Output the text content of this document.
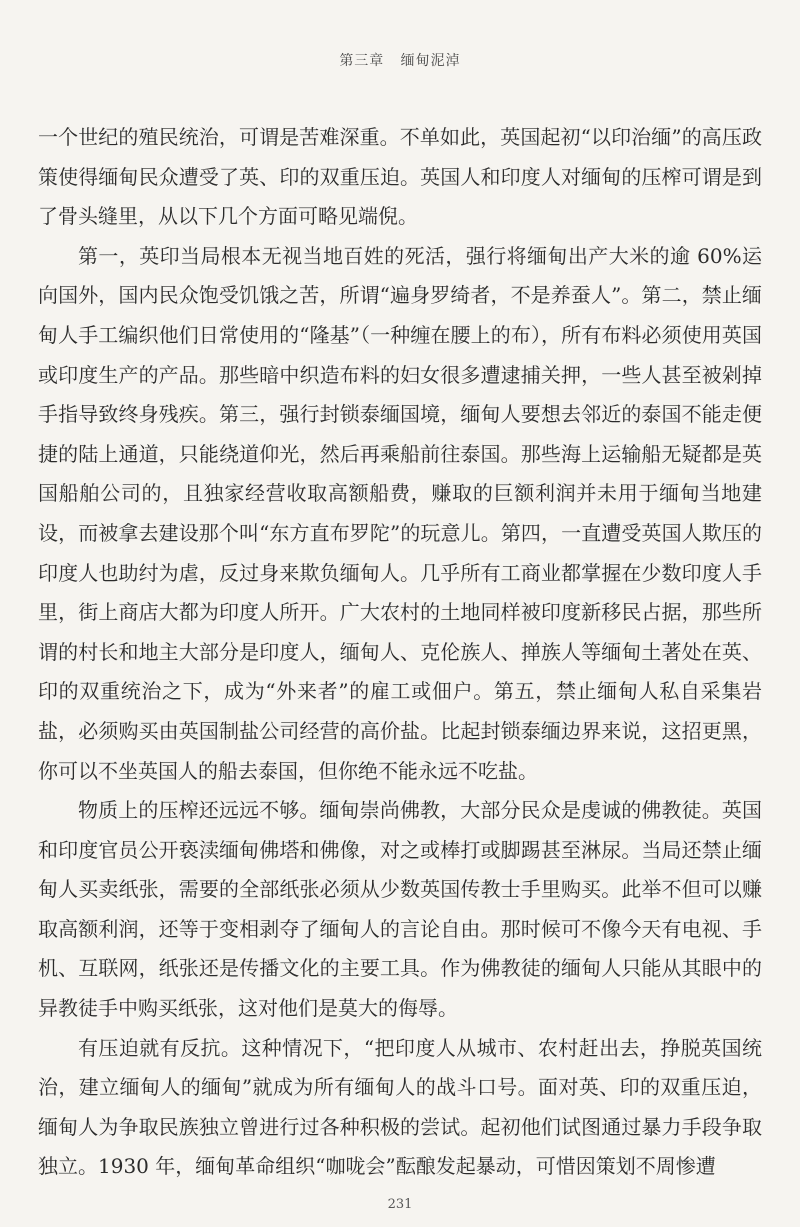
第三章 缅甸泥淖

一个世纪的殖民统治，可谓是苦难深重。不单如此，英国起初“以印治缅”的高压政策使得缅甸民众遭受了英、印的双重压迫。英国人和印度人对缅甸的压榨可谓是到了骨头缝里，从以下几个方面可略见端倪。

第一，英印当局根本无视当地百姓的死活，强行将缅甸出产大米的逾 60%运向国外，国内民众饱受饥饿之苦，所谓“遍身罗绮者，不是养蚕人”。第二，禁止缅甸人手工编织他们日常使用的“隆基”（一种缠在腰上的布），所有布料必须使用英国或印度生产的产品。那些暗中织造布料的妇女很多遭逮捕关押，一些人甚至被剁掉手指导致终身残疾。第三，强行封锁泰缅国境，缅甸人要想去邻近的泰国不能走便捷的陆上通道，只能绕道仰光，然后再乘船前往泰国。那些海上运输船无疑都是英国船舶公司的，且独家经营收取高额船费，赚取的巨额利润并未用于缅甸当地建设，而被拿去建设那个叫“东方直布罗陀”的玩意儿。第四，一直遭受英国人欺压的印度人也助纣为虐，反过身来欺负缅甸人。几乎所有工商业都掌握在少数印度人手里，街上商店大都为印度人所开。广大农村的土地同样被印度新移民占据，那些所谓的村长和地主大部分是印度人，缅甸人、克伦族人、掸族人等缅甸土著处在英、印的双重统治之下，成为“外来者”的雇工或佃户。第五，禁止缅甸人私自采集岩盐，必须购买由英国制盐公司经营的高价盐。比起封锁泰缅边界来说，这招更黑，你可以不坐英国人的船去泰国，但你绝不能永远不吃盐。

物质上的压榨还远远不够。缅甸崇尚佛教，大部分民众是虔诚的佛教徒。英国和印度官员公开亵渎缅甸佛塔和佛像，对之或棒打或脚踢甚至淋尿。当局还禁止缅甸人买卖纸张，需要的全部纸张必须从少数英国传教士手里购买。此举不但可以赚取高额利润，还等于变相剥夺了缅甸人的言论自由。那时候可不像今天有电视、手机、互联网，纸张还是传播文化的主要工具。作为佛教徒的缅甸人只能从其眼中的异教徒手中购买纸张，这对他们是莫大的侮辱。

有压迫就有反抗。这种情况下，“把印度人从城市、农村赶出去，挣脱英国统治，建立缅甸人的缅甸”就成为所有缅甸人的战斗口号。面对英、印的双重压迫，缅甸人为争取民族独立曾进行过各种积极的尝试。起初他们试图通过暴力手段争取独立。1930 年，缅甸革命组织“咖咙会”酝酿发起暴动，可惜因策划不周惨遭

231
